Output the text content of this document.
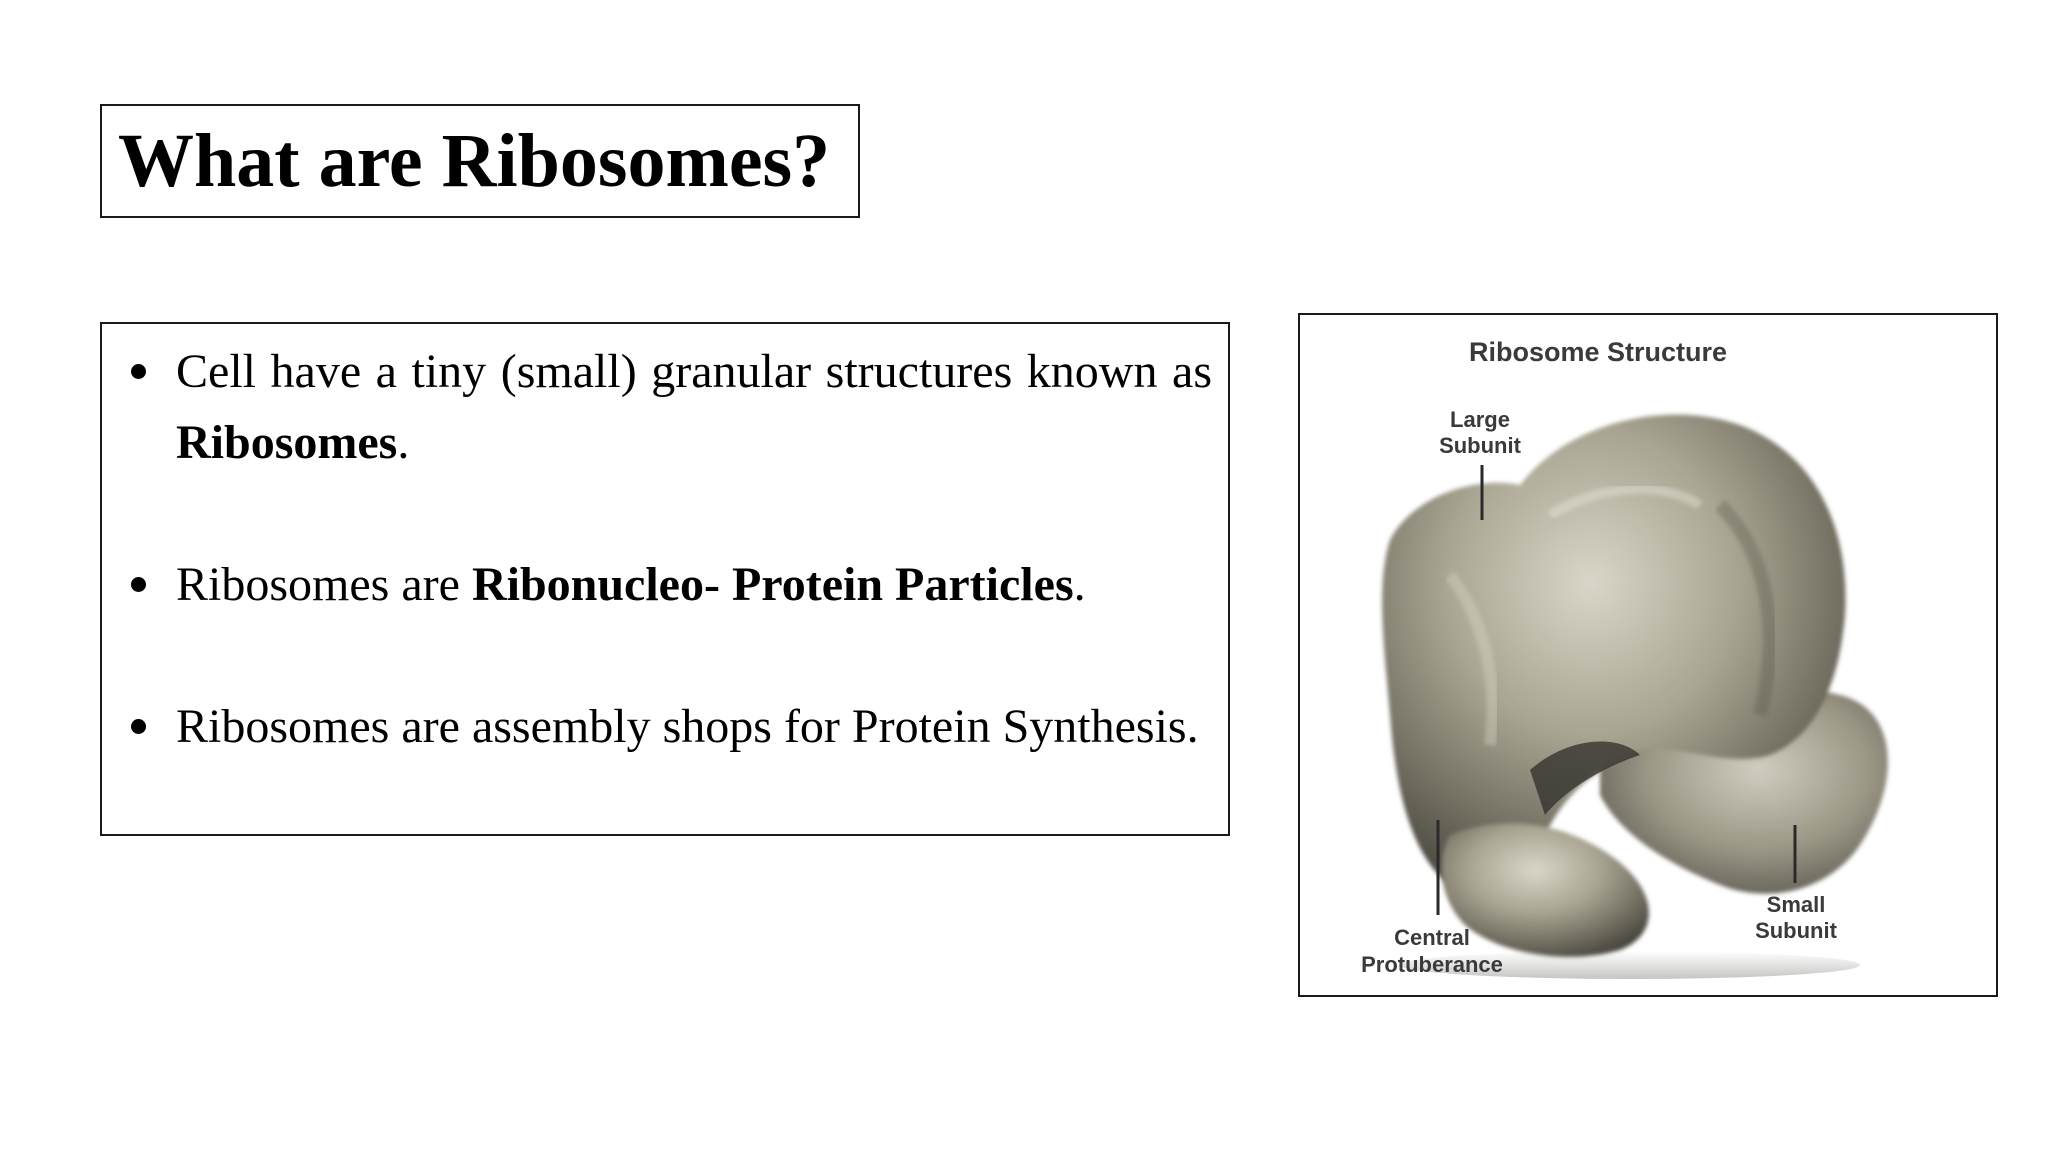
What are Ribosomes?
Cell have a tiny (small) granular structures known as Ribosomes.
Ribosomes are Ribonucleo- Protein Particles.
Ribosomes are assembly shops for Protein Synthesis.
Ribosome Structure
Large
Subunit
Central
Protuberance
Small
Subunit
